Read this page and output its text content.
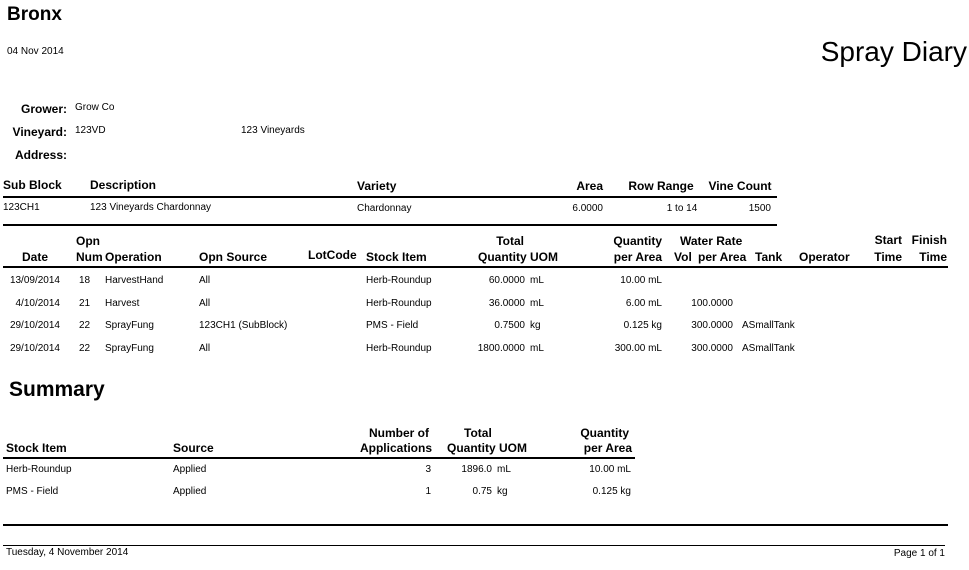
Bronx
04 Nov 2014	Spray Diary
Grower: Grow Co
Vineyard: 123VD	123 Vineyards
Address:
Sub Block Description	Variety	Area Row Range	Vine Count
123CH1	123 Vineyards Chardonnay	Chardonnay	6.0000	1 to 14	1500
Date
Opn
Num Operation	Opn Source	LotCode Stock Item
Total
Quantity UOM
Quantity
per Area
Water Rate
Vol per Area Tank Operator
Start
Time
Finish
Time
13/09/2014 18 HarvestHand	All	Herb-Roundup	60.0000 mL	10.00 mL
4/10/2014 21 Harvest	All	Herb-Roundup	36.0000 mL	6.00 mL	100.0000
29/10/2014 22 SprayFung	123CH1 (SubBlock)	PMS - Field	0.7500 kg	0.125 kg	300.0000 ASmallTank
29/10/2014 22 SprayFung	All	Herb-Roundup	1800.0000 mL	300.00 mL	300.0000 ASmallTank
Summary
Stock Item	Source
Number of
Applications
Total
Quantity UOM
Quantity
per Area
Herb-Roundup	Applied	3	1896.0 mL	10.00 mL
PMS - Field	Applied	1	0.75 kg	0.125 kg
Tuesday, 4 November 2014	Page 1 of 1
